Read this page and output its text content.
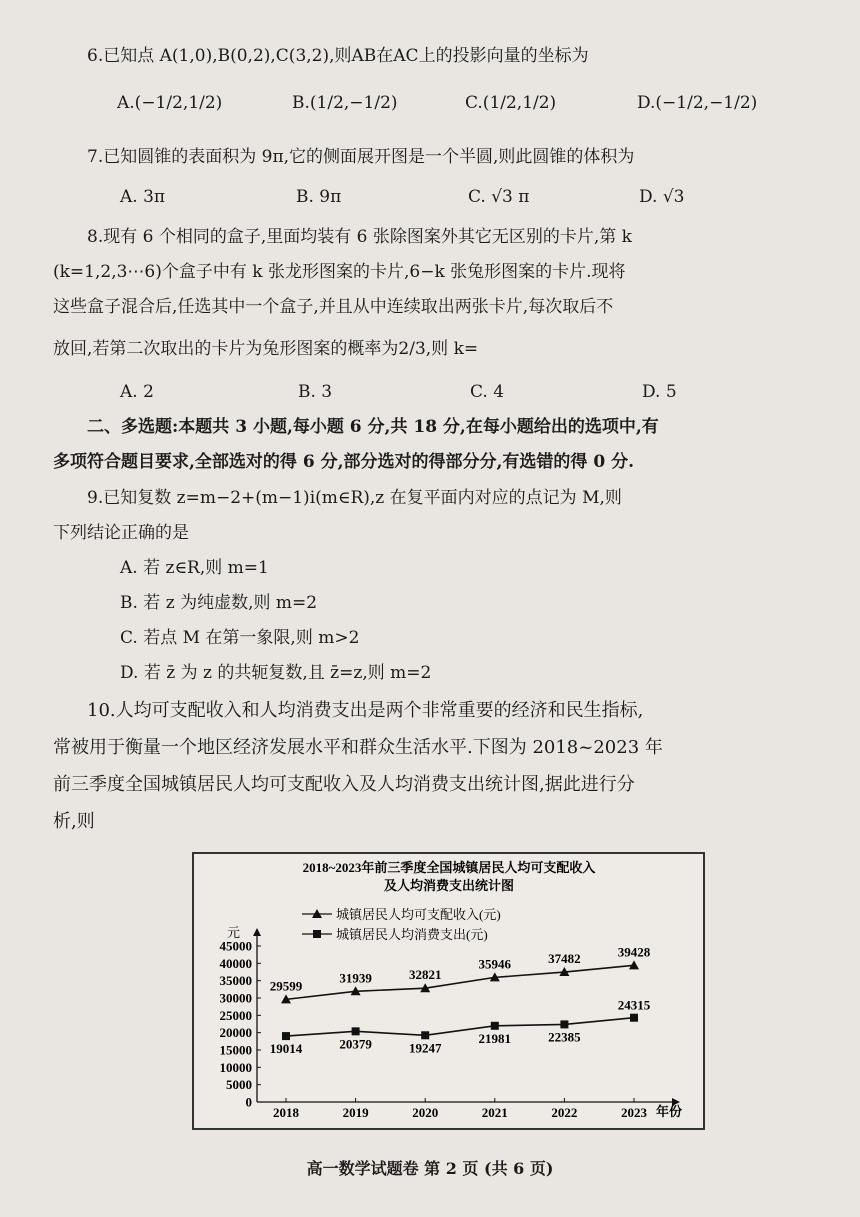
6.已知点 A(1,0),B(0,2),C(3,2),则AB在AC上的投影向量的坐标为
A.(−1/2,1/2)	B.(1/2,−1/2)	C.(1/2,1/2)	D.(−1/2,−1/2)
7.已知圆锥的表面积为 9π,它的侧面展开图是一个半圆,则此圆锥的体积为
A. 3π	B. 9π	C. √3 π	D. √3
8.现有 6 个相同的盒子,里面均装有 6 张除图案外其它无区别的卡片,第 k
(k=1,2,3⋯6)个盒子中有 k 张龙形图案的卡片,6−k 张兔形图案的卡片.现将
这些盒子混合后,任选其中一个盒子,并且从中连续取出两张卡片,每次取后不
放回,若第二次取出的卡片为兔形图案的概率为2/3,则 k=
A. 2	B. 3	C. 4	D. 5
二、多选题:本题共 3 小题,每小题 6 分,共 18 分,在每小题给出的选项中,有
多项符合题目要求,全部选对的得 6 分,部分选对的得部分分,有选错的得 0 分.
9.已知复数 z=m−2+(m−1)i(m∈R),z 在复平面内对应的点记为 M,则
下列结论正确的是
A. 若 z∈R,则 m=1
B. 若 z 为纯虚数,则 m=2
C. 若点 M 在第一象限,则 m>2
D. 若 z̄ 为 z 的共轭复数,且 z̄=z,则 m=2
10.人均可支配收入和人均消费支出是两个非常重要的经济和民生指标,
常被用于衡量一个地区经济发展水平和群众生活水平.下图为 2018~2023 年
前三季度全国城镇居民人均可支配收入及人均消费支出统计图,据此进行分
析,则
2018~2023年前三季度全国城镇居民人均可支配收入
及人均消费支出统计图
城镇居民人均可支配收入(元)
城镇居民人均消费支出(元)
元
年份
0
5000
10000
15000
20000
25000
30000
35000
40000
45000
2018	2019	2020	2021	2022	2023
29599
31939	32821
35946	37482	39428
19014	20379	19247
21981	22385
24315
高一数学试题卷 第 2 页 (共 6 页)
